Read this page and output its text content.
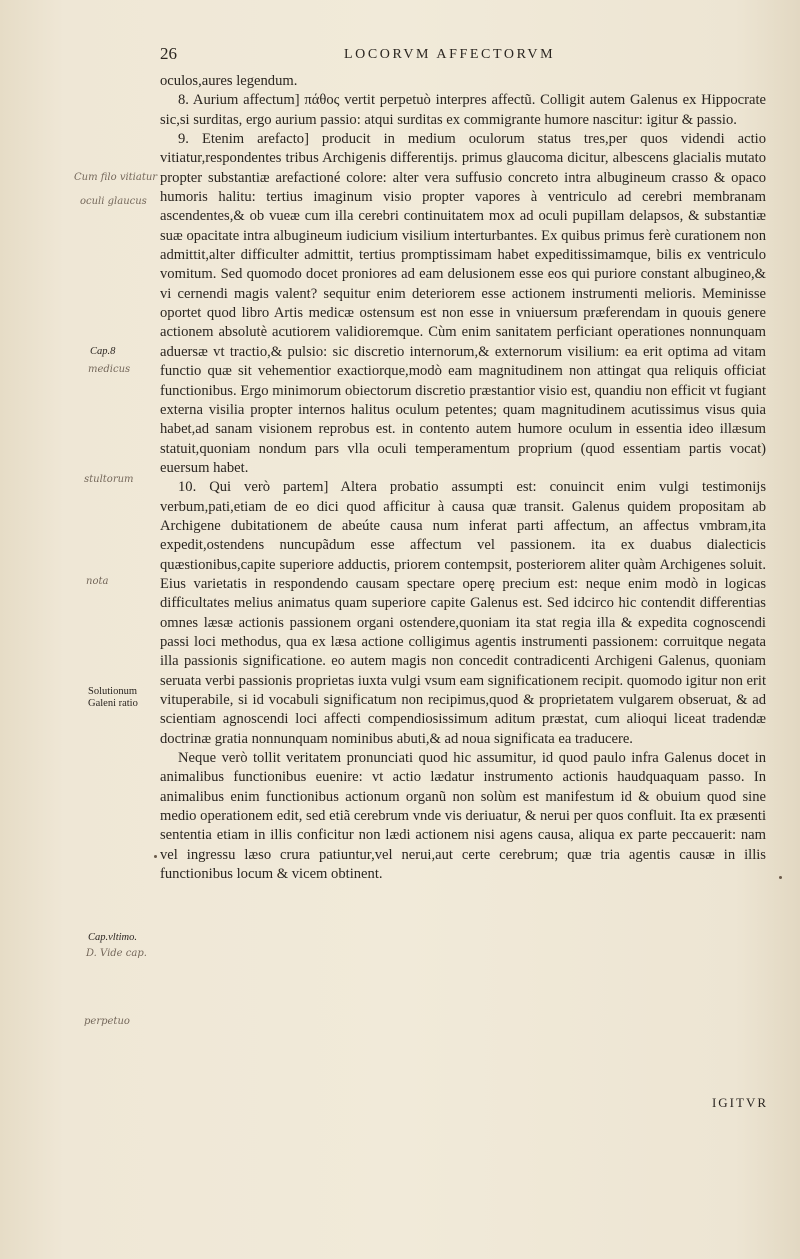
26	LOCORVM AFFECTORVM
Cap.8
Solutionum
Galeni ratio
Cap.vltimo.
Cum filo vitiatur
oculi glaucus
medicus
stultorum
nota
D. Vide cap.
perpetuo

oculos,aures legendum.

8. Aurium affectum] πάθος vertit perpetuò interpres affectũ. Colligit autem Galenus ex Hippocrate sic,si surditas, ergo aurium passio: atqui surditas ex commigrante humore nascitur: igitur & passio.

9. Etenim arefacto] producit in medium oculorum status tres,per quos videndi actio vitiatur,respondentes tribus Archigenis differentijs. primus glaucoma dicitur, albescens glacialis mutato propter substantiæ arefactioné colore: alter vera suffusio concreto intra albugineum crasso & opaco humoris halitu: tertius imaginum visio propter vapores à ventriculo ad cerebri membranam ascendentes,& ob vueæ cum illa cerebri continuitatem mox ad oculi pupillam delapsos, & substantiæ suæ opacitate intra albugineum iudicium visilium interturbantes. Ex quibus primus ferè curationem non admittit,alter difficulter admittit, tertius promptissimam habet expeditissimamque, bilis ex ventriculo vomitum. Sed quomodo docet proniores ad eam delusionem esse eos qui puriore constant albugineo,& vi cernendi magis valent? sequitur enim deteriorem esse actionem instrumenti melioris. Meminisse oportet quod libro Artis medicæ ostensum est non esse in vniuersum præferendam in quouis genere actionem absolutè acutiorem validioremque. Cùm enim sanitatem perficiant operationes nonnunquam aduersæ vt tractio,& pulsio: sic discretio internorum,& externorum visilium: ea erit optima ad vitam functio quæ sit vehementior exactiorque,modò eam magnitudinem non attingat qua reliquis officiat functionibus. Ergo minimorum obiectorum discretio præstantior visio est, quandiu non efficit vt fugiant externa visilia propter internos halitus oculum petentes; quam magnitudinem acutissimus visus quia habet,ad sanam visionem reprobus est. in contento autem humore oculum in essentia ideo illæsum statuit,quoniam nondum pars vlla oculi temperamentum proprium (quod essentiam partis vocat) euersum habet.

10. Qui verò partem] Altera probatio assumpti est: conuincit enim vulgi testimonijs verbum,pati,etiam de eo dici quod afficitur à causa quæ transit. Galenus quidem propositam ab Archigene dubitationem de abeúte causa num inferat parti affectum, an affectus vmbram,ita expedit,ostendens nuncupãdum esse affectum vel passionem. ita ex duabus dialecticis quæstionibus,capite superiore adductis, priorem contempsit, posteriorem aliter quàm Archigenes soluit. Eius varietatis in respondendo causam spectare operę precium est: neque enim modò in logicas difficultates melius animatus quam superiore capite Galenus est. Sed idcirco hic contendit differentias omnes læsæ actionis passionem organi ostendere,quoniam ita stat regia illa & expedita cognoscendi passi loci methodus, qua ex læsa actione colligimus agentis instrumenti passionem: corruitque negata illa passionis significatione. eo autem magis non concedit contradicenti Archigeni Galenus, quoniam seruata verbi passionis proprietas iuxta vulgi vsum eam significationem recipit. quomodo igitur non erit vituperabile, si id vocabuli significatum non recipimus,quod & proprietatem vulgarem obseruat, & ad scientiam agnoscendi loci affecti compendiosissimum aditum præstat, cum alioqui liceat tradendæ doctrinæ gratia nonnunquam nominibus abuti,& ad noua significata ea traducere.

Neque verò tollit veritatem pronunciati quod hic assumitur, id quod paulo infra Galenus docet in animalibus functionibus euenire: vt actio lædatur instrumento actionis haudquaquam passo. In animalibus enim functionibus actionum organũ non solùm est manifestum id & obuium quod sine medio operationem edit, sed etiã cerebrum vnde vis deriuatur, & nerui per quos confluit. Ita ex præsenti sententia etiam in illis conficitur non lædi actionem nisi agens causa, aliqua ex parte peccauerit: nam vel ingressu læso crura patiuntur,vel nerui,aut certe cerebrum; quæ tria agentis causæ in illis functionibus locum & vicem obtinent.

IGITVR
